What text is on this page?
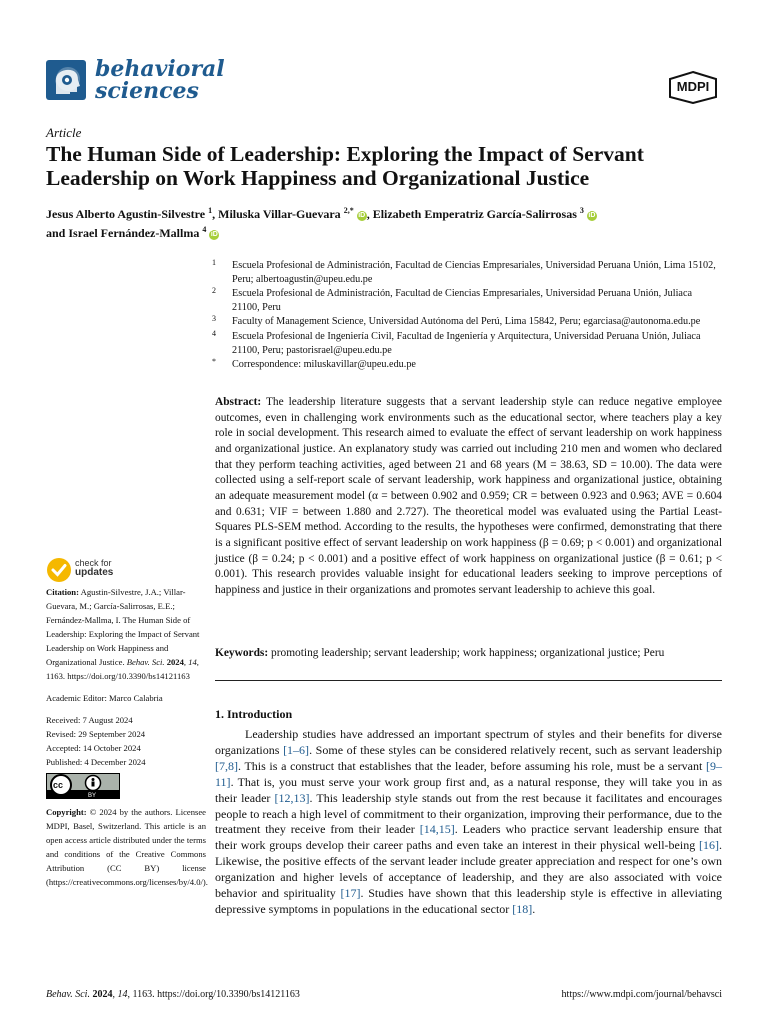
behavioral
sciences	MDPI
Article
The Human Side of Leadership: Exploring the Impact of Servant Leadership on Work Happiness and Organizational Justice
Jesus Alberto Agustin-Silvestre $^1$, Miluska Villar-Guevara $^{2,*}$ iD , Elizabeth Emperatriz García-Salirrosas $^3$ iD
and Israel Fernández-Mallma $^4$ iD
1 Escuela Profesional de Administración, Facultad de Ciencias Empresariales, Universidad Peruana Unión, Lima 15102, Peru; albertoagustin@upeu.edu.pe
2 Escuela Profesional de Administración, Facultad de Ciencias Empresariales, Universidad Peruana Unión, Juliaca 21100, Peru
3 Faculty of Management Science, Universidad Autónoma del Perú, Lima 15842, Peru; egarciasa@autonoma.edu.pe
4 Escuela Profesional de Ingeniería Civil, Facultad de Ingeniería y Arquitectura, Universidad Peruana Unión, Juliaca 21100, Peru; pastorisrael@upeu.edu.pe
* Correspondence: miluskavillar@upeu.edu.pe
Abstract: The leadership literature suggests that a servant leadership style can reduce negative employee outcomes, even in challenging work environments such as the educational sector, where teachers play a key role in social development. This research aimed to evaluate the effect of servant leadership on work happiness and organizational justice. An explanatory study was carried out including 210 men and women who declared that they perform teaching activities, aged between 21 and 68 years (M = 38.63, SD = 10.00). The data were collected using a self-report scale of servant leadership, work happiness and organizational justice, obtaining an adequate measurement model (α = between 0.902 and 0.959; CR = between 0.923 and 0.963; AVE = 0.604 and 0.631; VIF = between 1.880 and 2.727). The theoretical model was evaluated using the Partial Least-Squares PLS-SEM method. According to the results, the hypotheses were confirmed, demonstrating that there is a significant positive effect of servant leadership on work happiness (β = 0.69; p < 0.001) and organizational justice (β = 0.24; p < 0.001) and a positive effect of work happiness on organizational justice (β = 0.61; p < 0.001). This research provides valuable insight for educational leaders seeking to improve perceptions of happiness and justice in their organizations and promotes servant leadership to achieve this goal.
Keywords: promoting leadership; servant leadership; work happiness; organizational justice; Peru
1. Introduction
Leadership studies have addressed an important spectrum of styles and their benefits for diverse organizations [1–6]. Some of these styles can be considered relatively recent, such as servant leadership [7,8]. This is a construct that establishes that the leader, before assuming his role, must be a servant [9–11]. That is, you must serve your work group first and, as a natural response, they will take you in as their leader [12,13]. This leadership style stands out from the rest because it facilitates and encourages people to reach a high level of commitment to their organization, improving their performance, due to the treatment they receive from their leader [14,15]. Leaders who practice servant leadership ensure that their work groups develop their career paths and even take an interest in their physical well-being [16]. Likewise, the positive effects of the servant leader include greater appreciation and respect for one’s own organization and higher levels of acceptance of leadership, and they are also associated with voice behavior and spirituality [17]. Studies have shown that this leadership style is effective in alleviating depressive symptoms in populations in the educational sector [18].
check for
updates

Citation: Agustin-Silvestre, J.A.; Villar-Guevara, M.; García-Salirrosas, E.E.; Fernández-Mallma, I. The Human Side of Leadership: Exploring the Impact of Servant Leadership on Work Happiness and Organizational Justice. Behav. Sci. 2024, 14, 1163. https://doi.org/10.3390/bs14121163

Academic Editor: Marco Calabria

Received: 7 August 2024

Revised: 29 September 2024

Accepted: 14 October 2024

Published: 4 December 2024

cc
BY

Copyright: © 2024 by the authors. Licensee MDPI, Basel, Switzerland. This article is an open access article distributed under the terms and conditions of the Creative Commons Attribution (CC BY) license (https://creativecommons.org/licenses/by/4.0/).

Behav. Sci. 2024, 14, 1163. https://doi.org/10.3390/bs14121163	https://www.mdpi.com/journal/behavsci
